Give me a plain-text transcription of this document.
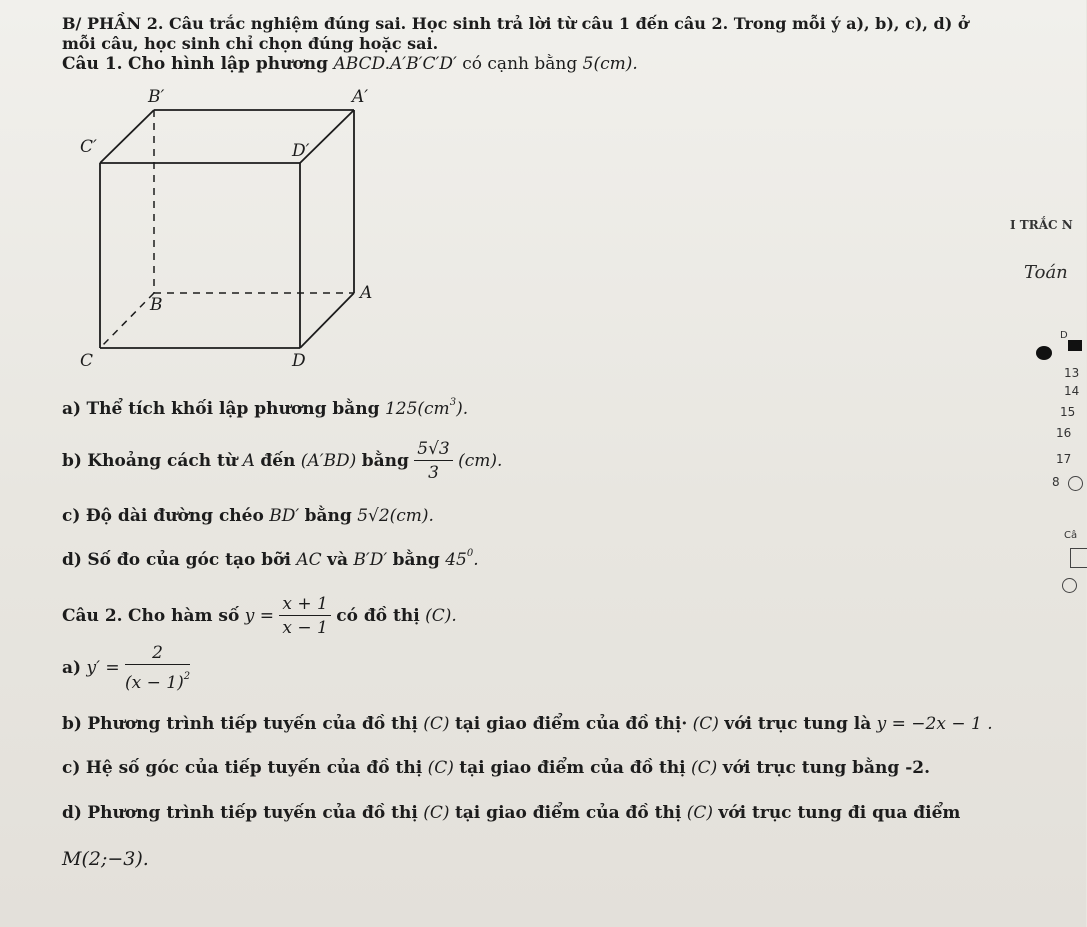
B/ PHẦN 2. Câu trắc nghiệm đúng sai. Học sinh trả lời từ câu 1 đến câu 2. Trong mỗi ý a), b), c), d) ở
mỗi câu, học sinh chỉ chọn đúng hoặc sai.
Câu 1. Cho hình lập phương ABCD.A′B′C′D′ có cạnh bằng 5(cm).
B′	A′
C′	D′
B
A
C	D
a) Thể tích khối lập phương bằng $125(cm^3)$.
b) Khoảng cách từ A đến (A′BD) bằng $\frac{5√3}{3} (cm)$.
c) Độ dài đường chéo BD′ bằng 5√2(cm).
d) Số đo của góc tạo bỡi AC và B′D′ bằng $45^0$.
Câu 2. Cho hàm số $y = \frac{x + 1}{x - 1}$ có đồ thị (C).
a) $y' = \frac{2}{(x - 1)^2}$
b) Phương trình tiếp tuyến của đồ thị (C) tại giao điểm của đồ thị· (C) với trục tung là y = −2x − 1 .
c) Hệ số góc của tiếp tuyến của đồ thị (C) tại giao điểm của đồ thị (C) với trục tung bằng -2.
d) Phương trình tiếp tuyến của đồ thị (C) tại giao điểm của đồ thị (C) với trục tung đi qua điểm
M(2;−3).
I TRẮC N
Toán
D
13
14
15
16
17
8
Câ
